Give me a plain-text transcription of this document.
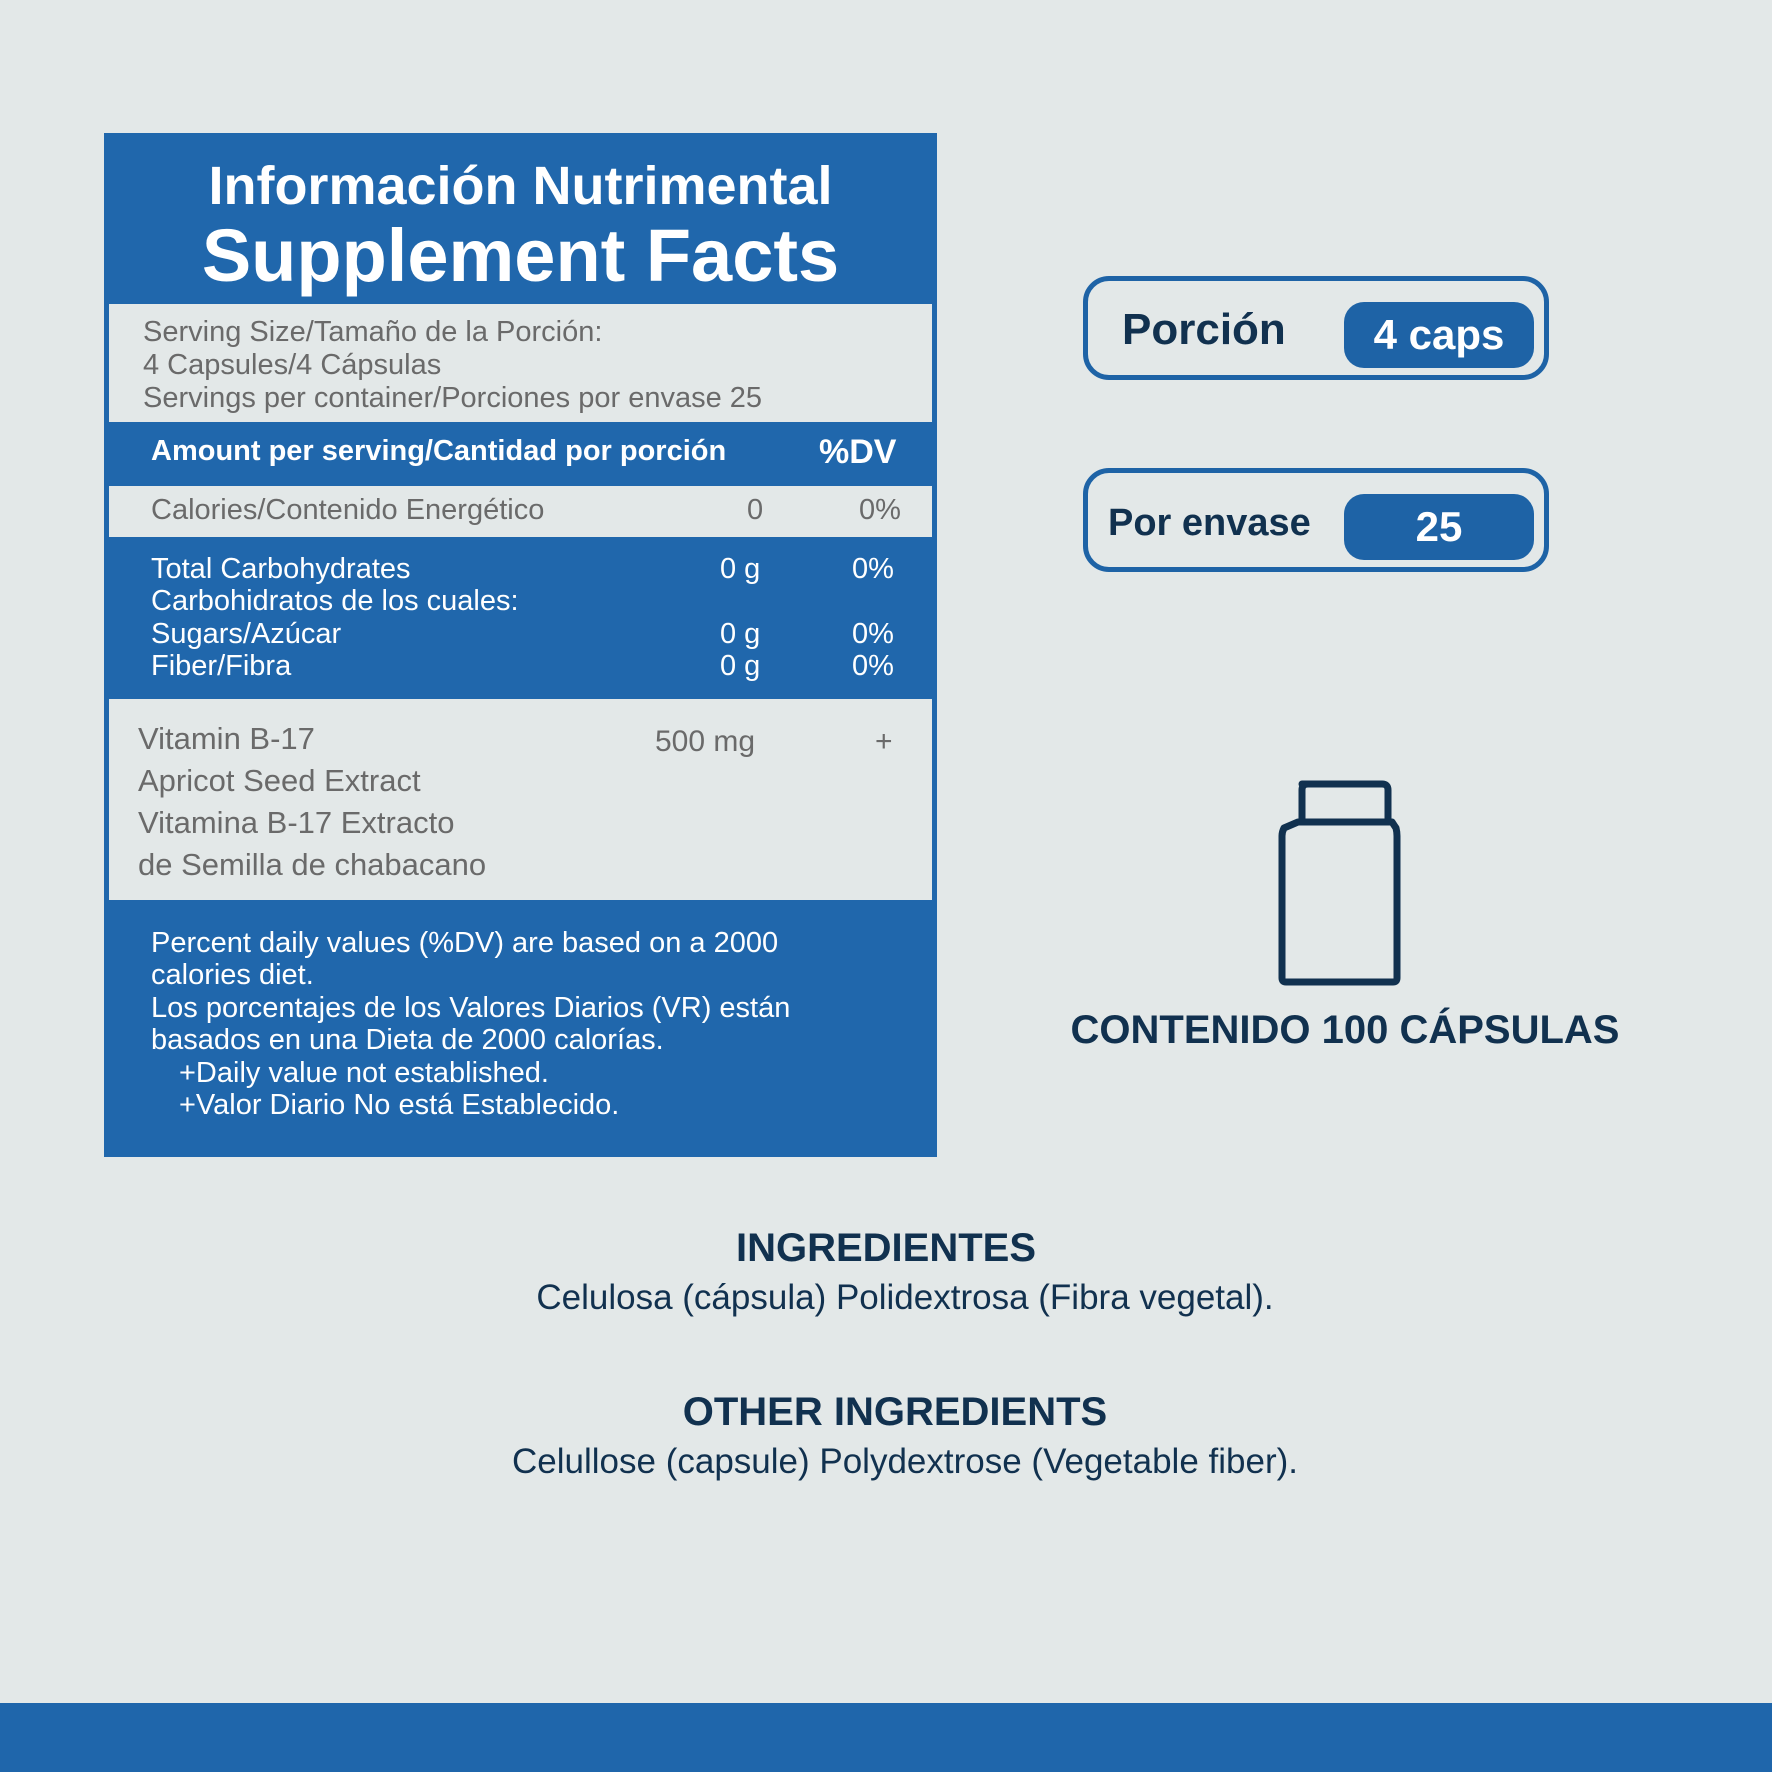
Información Nutrimental
Supplement Facts
Serving Size/Tamaño de la Porción:
4 Capsules/4 Cápsulas
Servings per container/Porciones por envase 25
Amount per serving/Cantidad por porción	%DV
Calories/Contenido Energético	0	0%
Total Carbohydrates	0 g	0%
Carbohidratos de los cuales:
Sugars/Azúcar	0 g	0%
Fiber/Fibra	0 g	0%
Vitamin B-17
Apricot Seed Extract
Vitamina B-17 Extracto
de Semilla de chabacano
500 mg	+
Percent daily values (%DV) are based on a 2000
calories diet.
Los porcentajes de los Valores Diarios (VR) están
basados en una Dieta de 2000 calorías.
+Daily value not established.
+Valor Diario No está Establecido.
Porción	4 caps
Por envase	25
CONTENIDO 100 CÁPSULAS
INGREDIENTES
Celulosa (cápsula) Polidextrosa (Fibra vegetal).
OTHER INGREDIENTS
Celullose (capsule) Polydextrose (Vegetable fiber).
